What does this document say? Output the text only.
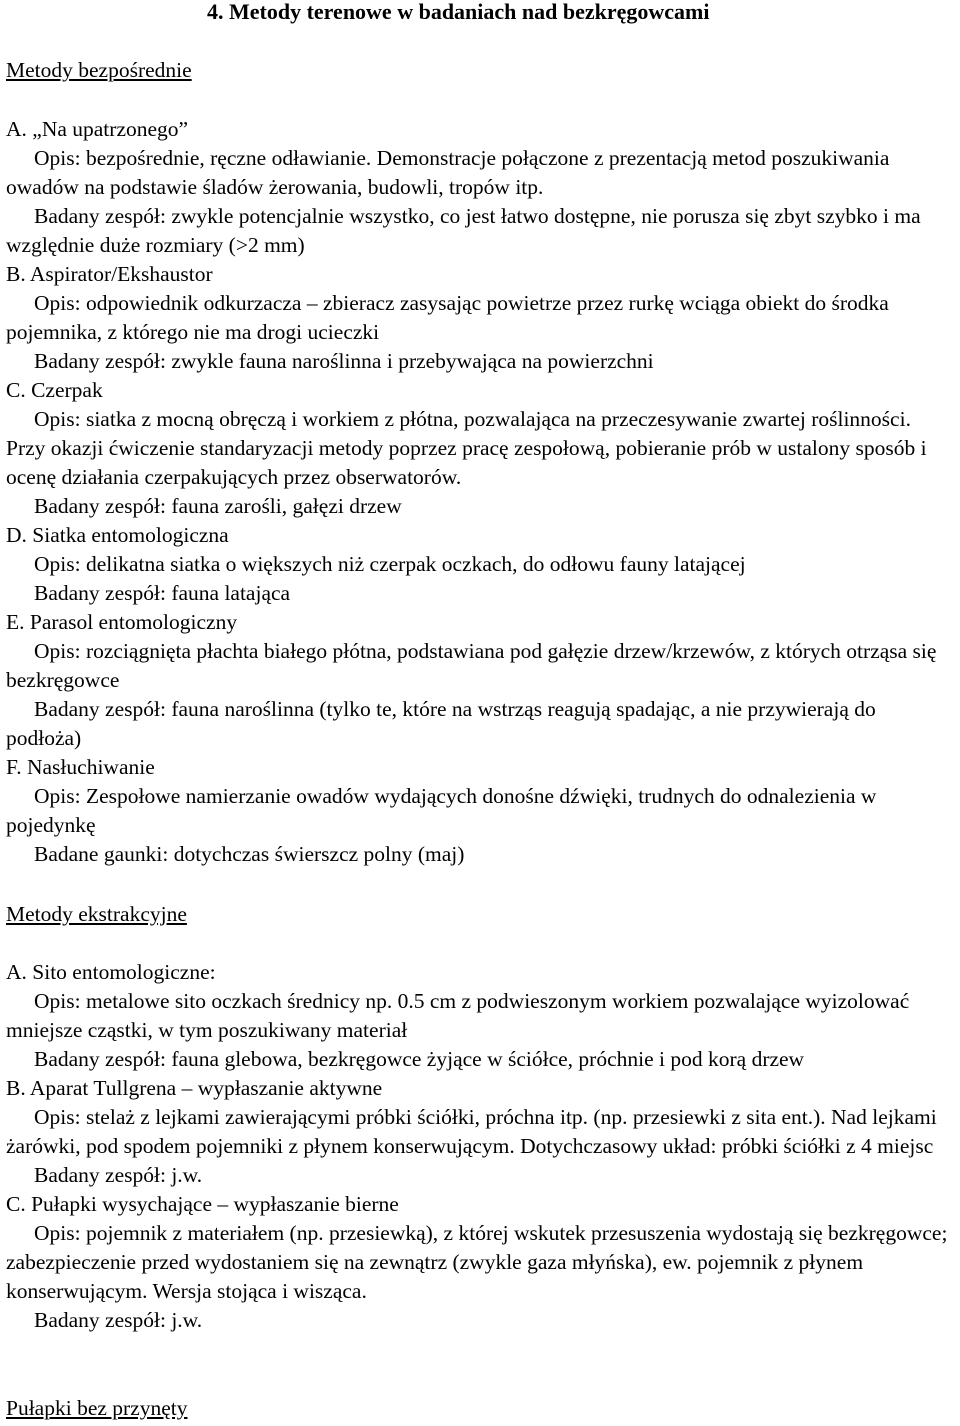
4. Metody terenowe w badaniach nad bezkręgowcami
Metody bezpośrednie

A. „Na upatrzonego”

Opis: bezpośrednie, ręczne odławianie. Demonstracje połączone z prezentacją metod poszukiwania owadów na podstawie śladów żerowania, budowli, tropów itp.

Badany zespół: zwykle potencjalnie wszystko, co jest łatwo dostępne, nie porusza się zbyt szybko i ma względnie duże rozmiary (>2 mm)

B. Aspirator/Ekshaustor

Opis: odpowiednik odkurzacza – zbieracz zasysając powietrze przez rurkę wciąga obiekt do środka pojemnika, z którego nie ma drogi ucieczki

Badany zespół: zwykle fauna naroślinna i przebywająca na powierzchni

C. Czerpak

Opis: siatka z mocną obręczą i workiem z płótna, pozwalająca na przeczesywanie zwartej roślinności. Przy okazji ćwiczenie standaryzacji metody poprzez pracę zespołową, pobieranie prób w ustalony sposób i ocenę działania czerpakujących przez obserwatorów.

Badany zespół: fauna zarośli, gałęzi drzew

D. Siatka entomologiczna

Opis: delikatna siatka o większych niż czerpak oczkach, do odłowu fauny latającej

Badany zespół: fauna latająca

E. Parasol entomologiczny

Opis: rozciągnięta płachta białego płótna, podstawiana pod gałęzie drzew/krzewów, z których otrząsa się bezkręgowce

Badany zespół: fauna naroślinna (tylko te, które na wstrząs reagują spadając, a nie przywierają do podłoża)

F. Nasłuchiwanie

Opis: Zespołowe namierzanie owadów wydających donośne dźwięki, trudnych do odnalezienia w pojedynkę

Badane gaunki: dotychczas świerszcz polny (maj)

Metody ekstrakcyjne

A. Sito entomologiczne:

Opis: metalowe sito oczkach średnicy np. 0.5 cm z podwieszonym workiem pozwalające wyizolować mniejsze cząstki, w tym poszukiwany materiał

Badany zespół: fauna glebowa, bezkręgowce żyjące w ściółce, próchnie i pod korą drzew

B. Aparat Tullgrena – wypłaszanie aktywne

Opis: stelaż z lejkami zawierającymi próbki ściółki, próchna itp. (np. przesiewki z sita ent.). Nad lejkami żarówki, pod spodem pojemniki z płynem konserwującym. Dotychczasowy układ: próbki ściółki z 4 miejsc

Badany zespół: j.w.

C. Pułapki wysychające – wypłaszanie bierne

Opis: pojemnik z materiałem (np. przesiewką), z której wskutek przesuszenia wydostają się bezkręgowce; zabezpieczenie przed wydostaniem się na zewnątrz (zwykle gaza młyńska), ew. pojemnik z płynem konserwującym. Wersja stojąca i wisząca.

Badany zespół: j.w.

Pułapki bez przynęty
